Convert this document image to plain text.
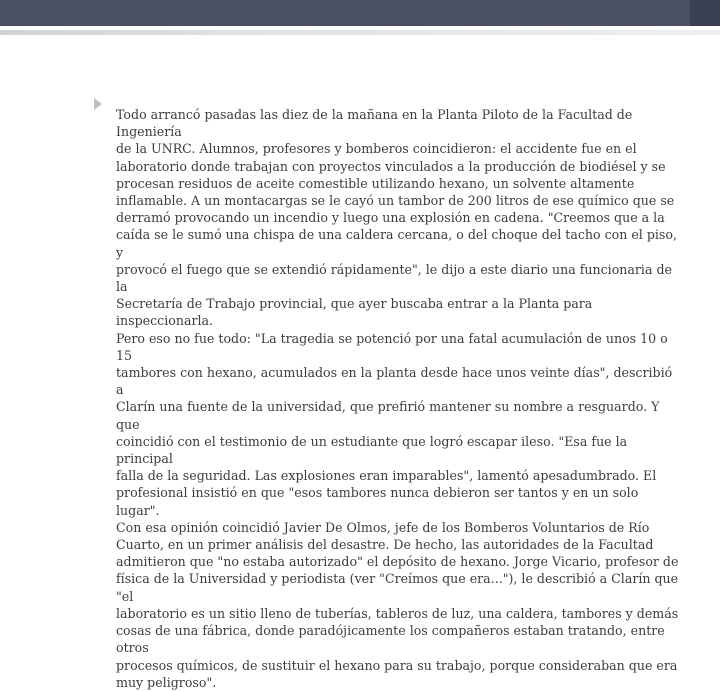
Todo arrancó pasadas las diez de la mañana en la Planta Piloto de la Facultad de Ingeniería
de la UNRC. Alumnos, profesores y bomberos coincidieron: el accidente fue en el
laboratorio donde trabajan con proyectos vinculados a la producción de biodiésel y se
procesan residuos de aceite comestible utilizando hexano, un solvente altamente
inflamable. A un montacargas se le cayó un tambor de 200 litros de ese químico que se
derramó provocando un incendio y luego una explosión en cadena. "Creemos que a la
caída se le sumó una chispa de una caldera cercana, o del choque del tacho con el piso, y
provocó el fuego que se extendió rápidamente", le dijo a este diario una funcionaria de la
Secretaría de Trabajo provincial, que ayer buscaba entrar a la Planta para inspeccionarla.
Pero eso no fue todo: "La tragedia se potenció por una fatal acumulación de unos 10 o 15
tambores con hexano, acumulados en la planta desde hace unos veinte días", describió a
Clarín una fuente de la universidad, que prefirió mantener su nombre a resguardo. Y que
coincidió con el testimonio de un estudiante que logró escapar ileso. "Esa fue la principal
falla de la seguridad. Las explosiones eran imparables", lamentó apesadumbrado. El
profesional insistió en que "esos tambores nunca debieron ser tantos y en un solo lugar".
Con esa opinión coincidió Javier De Olmos, jefe de los Bomberos Voluntarios de Río
Cuarto, en un primer análisis del desastre. De hecho, las autoridades de la Facultad
admitieron que "no estaba autorizado" el depósito de hexano. Jorge Vicario, profesor de
física de la Universidad y periodista (ver "Creímos que era..."), le describió a Clarín que "el
laboratorio es un sitio lleno de tuberías, tableros de luz, una caldera, tambores y demás
cosas de una fábrica, donde paradójicamente los compañeros estaban tratando, entre otros
procesos químicos, de sustituir el hexano para su trabajo, porque consideraban que era
muy peligroso".
